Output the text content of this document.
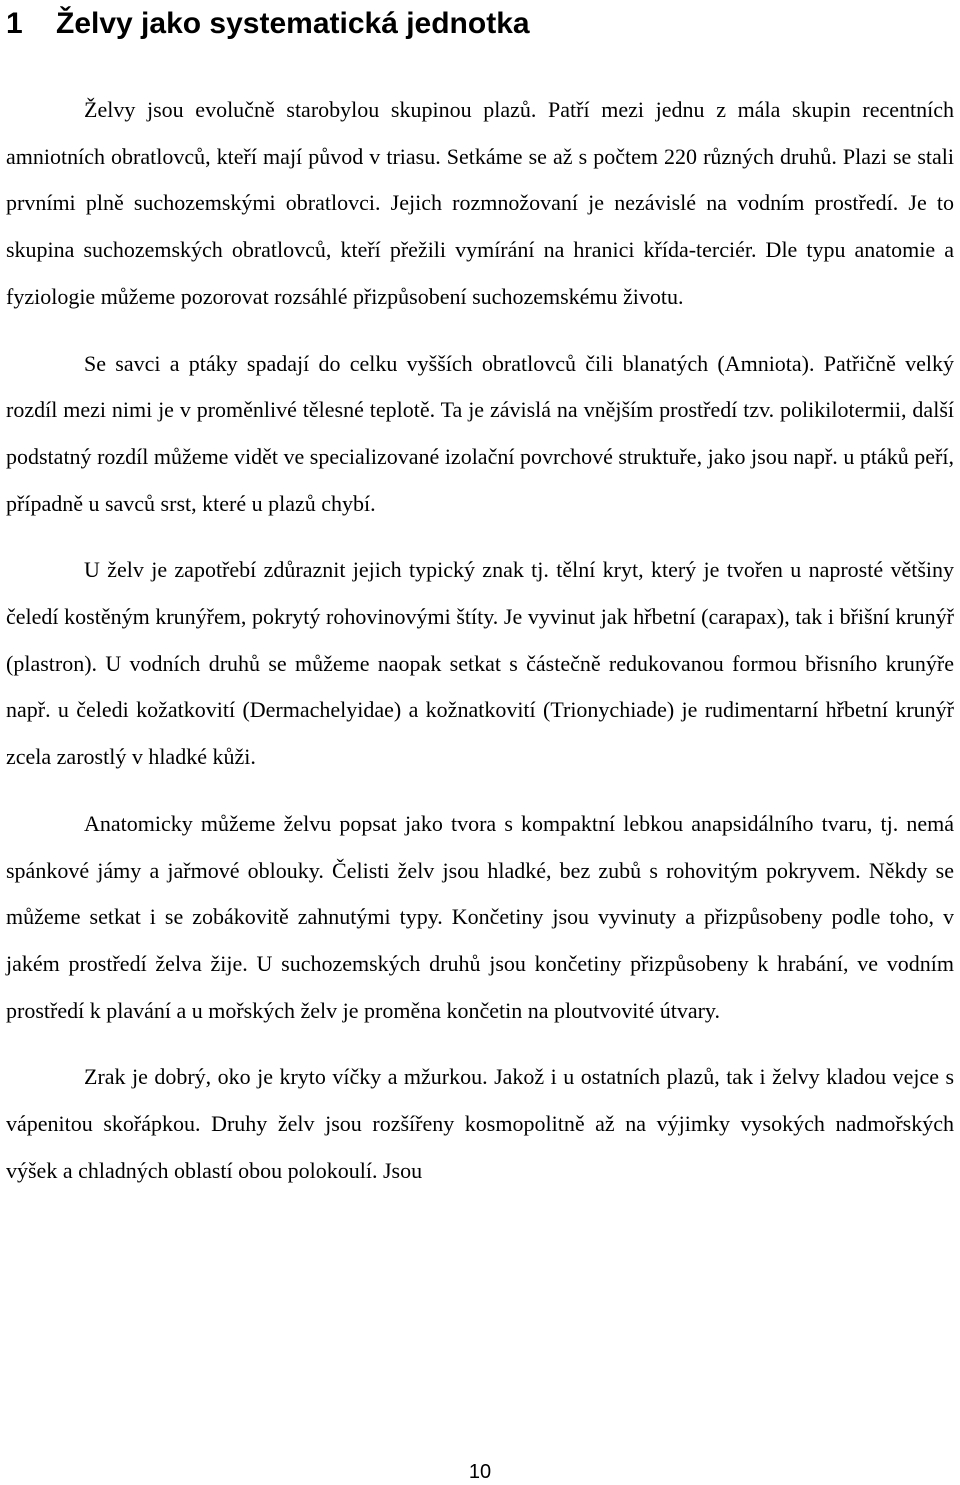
1 Želvy jako systematická jednotka

Želvy jsou evolučně starobylou skupinou plazů. Patří mezi jednu z mála skupin recentních amniotních obratlovců, kteří mají původ v triasu. Setkáme se až s počtem 220 různých druhů. Plazi se stali prvními plně suchozemskými obratlovci. Jejich rozmnožovaní je nezávislé na vodním prostředí. Je to skupina suchozemských obratlovců, kteří přežili vymírání na hranici křída-terciér. Dle typu anatomie a fyziologie můžeme pozorovat rozsáhlé přizpůsobení suchozemskému životu.

Se savci a ptáky spadají do celku vyšších obratlovců čili blanatých (Amniota). Patřičně velký rozdíl mezi nimi je v proměnlivé tělesné teplotě. Ta je závislá na vnějším prostředí tzv. polikilotermii, další podstatný rozdíl můžeme vidět ve specializované izolační povrchové struktuře, jako jsou např. u ptáků peří, případně u savců srst, které u plazů chybí.

U želv je zapotřebí zdůraznit jejich typický znak tj. tělní kryt, který je tvořen u naprosté většiny čeledí kostěným krunýřem, pokrytý rohovinovými štíty. Je vyvinut jak hřbetní (carapax), tak i břišní krunýř (plastron). U vodních druhů se můžeme naopak setkat s částečně redukovanou formou břisního krunýře např. u čeledi kožatkovití (Dermachelyidae) a kožnatkovití (Trionychiade) je rudimentarní hřbetní krunýř zcela zarostlý v hladké kůži.

Anatomicky můžeme želvu popsat jako tvora s kompaktní lebkou anapsidálního tvaru, tj. nemá spánkové jámy a jařmové oblouky. Čelisti želv jsou hladké, bez zubů s rohovitým pokryvem. Někdy se můžeme setkat i se zobákovitě zahnutými typy. Končetiny jsou vyvinuty a přizpůsobeny podle toho, v jakém prostředí želva žije. U suchozemských druhů jsou končetiny přizpůsobeny k hrabání, ve vodním prostředí k plavání a u mořských želv je proměna končetin na ploutvovité útvary.

Zrak je dobrý, oko je kryto víčky a mžurkou. Jakož i u ostatních plazů, tak i želvy kladou vejce s vápenitou skořápkou. Druhy želv jsou rozšířeny kosmopolitně až na výjimky vysokých nadmořských výšek a chladných oblastí obou polokoulí. Jsou

10
